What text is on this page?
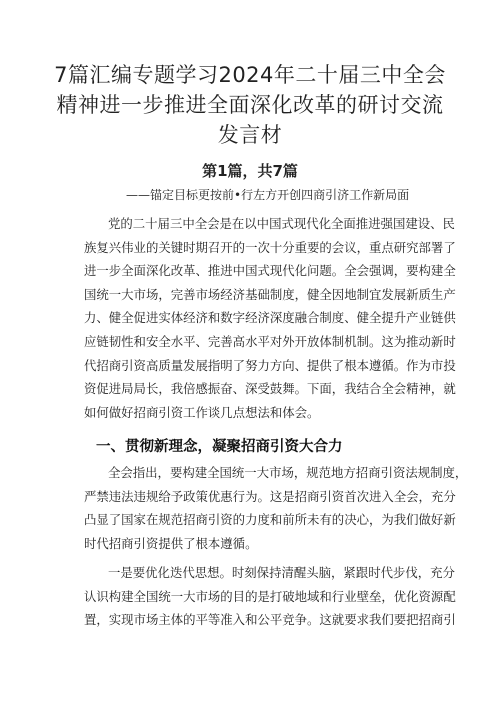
7篇汇编专题学习2024年二十届三中全会
精神进一步推进全面深化改革的研讨交流
发言材
第1篇，共7篇
——锚定目标更按前•行左方开创四商引济工作新局面
党的二十届三中全会是在以中国式现代化全面推进强国建设、民
族复兴伟业的关键时期召开的一次十分重要的会议，重点研究部署了
进一步全面深化改革、推进中国式现代化问题。全会强调，要构建全
国统一大市场，完善市场经济基础制度，健全因地制宜发展新质生产
力、健全促进实体经济和数字经济深度融合制度、健全提升产业链供
应链韧性和安全水平、完善高水平对外开放体制机制。这为推动新时
代招商引资高质量发展指明了努力方向、提供了根本遵循。作为市投
资促进局局长，我倍感振奋、深受鼓舞。下面，我结合全会精神，就
如何做好招商引资工作谈几点想法和体会。
一、贯彻新理念，凝聚招商引资大合力
全会指出，要构建全国统一大市场，规范地方招商引资法规制度，
严禁违法违规给予政策优惠行为。这是招商引资首次进入全会，充分
凸显了国家在规范招商引资的力度和前所未有的决心，为我们做好新
时代招商引资提供了根本遵循。
一是要优化迭代思想。时刻保持清醒头脑，紧跟时代步伐，充分
认识构建全国统一大市场的目的是打破地域和行业壁垒，优化资源配
置，实现市场主体的平等准入和公平竞争。这就要求我们要把招商引
